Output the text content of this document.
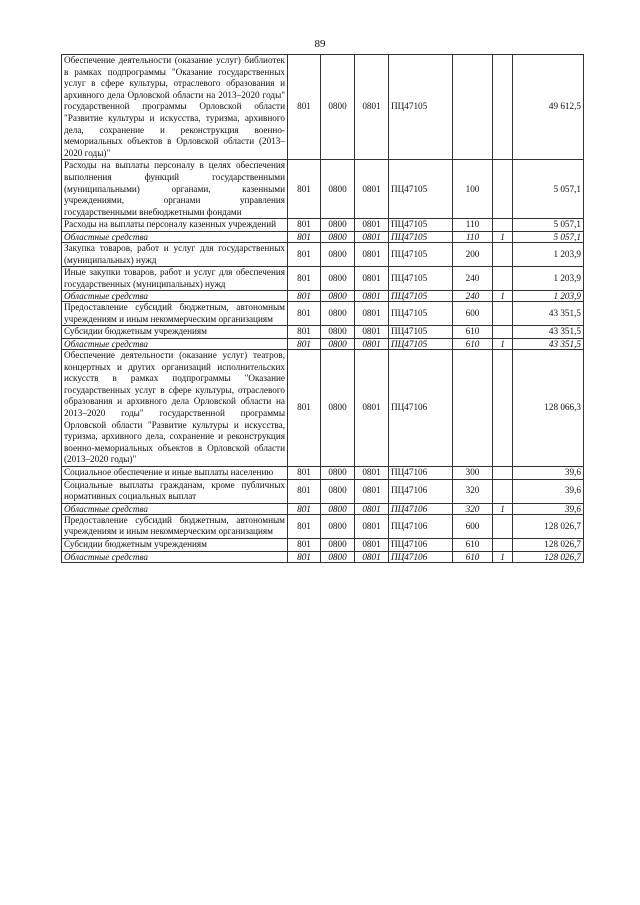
89
Обеспечение деятельности (оказание услуг) библиотек в рамках подпрограммы "Оказание государственных услуг в сфере культуры, отраслевого образования и архивного дела Орловской области на 2013–2020 годы" государственной программы Орловской области "Развитие культуры и искусства, туризма, архивного дела, сохранение и реконструкция военно-мемориальных объектов в Орловской области (2013–2020 годы)"	801	0800	0801	ПЦ47105			49 612,5
Расходы на выплаты персоналу в целях обеспечения выполнения функций государственными (муниципальными) органами, казенными учреждениями, органами управления государственными внебюджетными фондами	801	0800	0801	ПЦ47105	100		5 057,1
Расходы на выплаты персоналу казенных учреждений	801	0800	0801	ПЦ47105	110		5 057,1
Областные средства	801	0800	0801	ПЦ47105	110	1	5 057,1
Закупка товаров, работ и услуг для государственных (муниципальных) нужд	801	0800	0801	ПЦ47105	200		1 203,9
Иные закупки товаров, работ и услуг для обеспечения государственных (муниципальных) нужд	801	0800	0801	ПЦ47105	240		1 203,9
Областные средства	801	0800	0801	ПЦ47105	240	1	1 203,9
Предоставление субсидий бюджетным, автономным учреждениям и иным некоммерческим организациям	801	0800	0801	ПЦ47105	600		43 351,5
Субсидии бюджетным учреждениям	801	0800	0801	ПЦ47105	610		43 351,5
Областные средства	801	0800	0801	ПЦ47105	610	1	43 351,5
Обеспечение деятельности (оказание услуг) театров, концертных и других организаций исполнительских искусств в рамках подпрограммы "Оказание государственных услуг в сфере культуры, отраслевого образования и архивного дела Орловской области на 2013–2020 годы" государственной программы Орловской области "Развитие культуры и искусства, туризма, архивного дела, сохранение и реконструкция военно-мемориальных объектов в Орловской области (2013–2020 годы)"	801	0800	0801	ПЦ47106			128 066,3
Социальное обеспечение и иные выплаты населению	801	0800	0801	ПЦ47106	300		39,6
Социальные выплаты гражданам, кроме публичных нормативных социальных выплат	801	0800	0801	ПЦ47106	320		39,6
Областные средства	801	0800	0801	ПЦ47106	320	1	39,6
Предоставление субсидий бюджетным, автономным учреждениям и иным некоммерческим организациям	801	0800	0801	ПЦ47106	600		128 026,7
Субсидии бюджетным учреждениям	801	0800	0801	ПЦ47106	610		128 026,7
Областные средства	801	0800	0801	ПЦ47106	610	1	128 026,7
